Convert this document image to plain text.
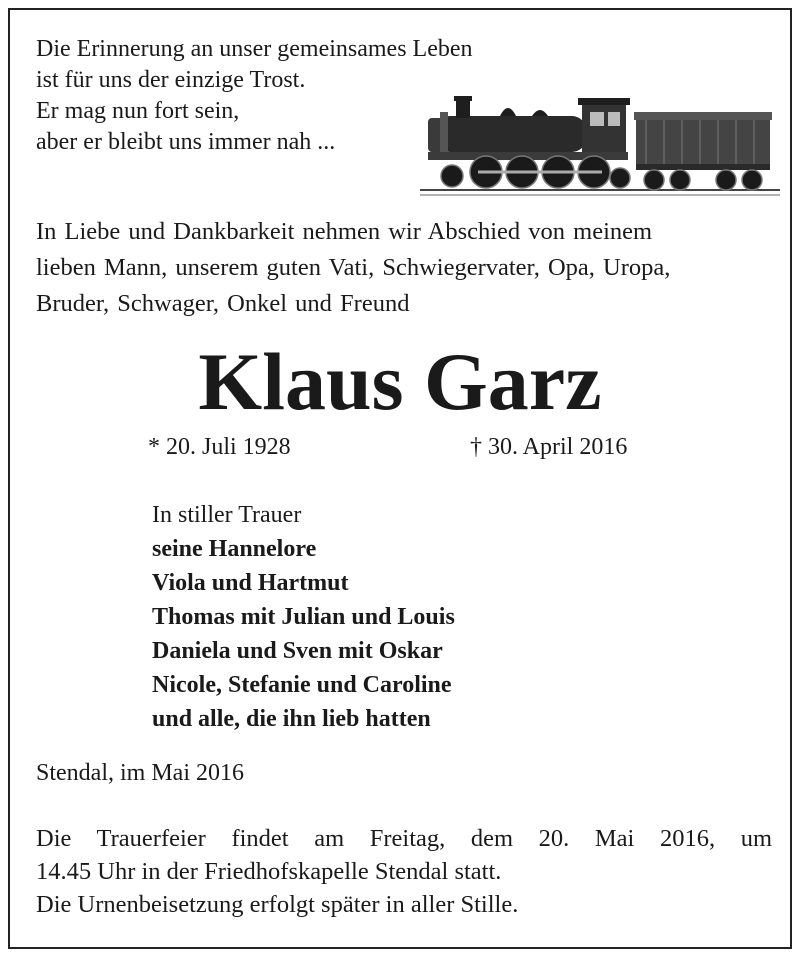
Die Erinnerung an unser gemeinsames Leben
ist für uns der einzige Trost.
Er mag nun fort sein,
aber er bleibt uns immer nah ...
In Liebe und Dankbarkeit nehmen wir Abschied von meinem
lieben Mann, unserem guten Vati, Schwiegervater, Opa, Uropa,
Bruder, Schwager, Onkel und Freund
Klaus Garz
* 20. Juli 1928	† 30. April 2016
In stiller Trauer
seine Hannelore
Viola und Hartmut
Thomas mit Julian und Louis
Daniela und Sven mit Oskar
Nicole, Stefanie und Caroline
und alle, die ihn lieb hatten
Stendal, im Mai 2016
Die Trauerfeier findet am Freitag, dem 20. Mai 2016, um
14.45 Uhr in der Friedhofskapelle Stendal statt.
Die Urnenbeisetzung erfolgt später in aller Stille.
